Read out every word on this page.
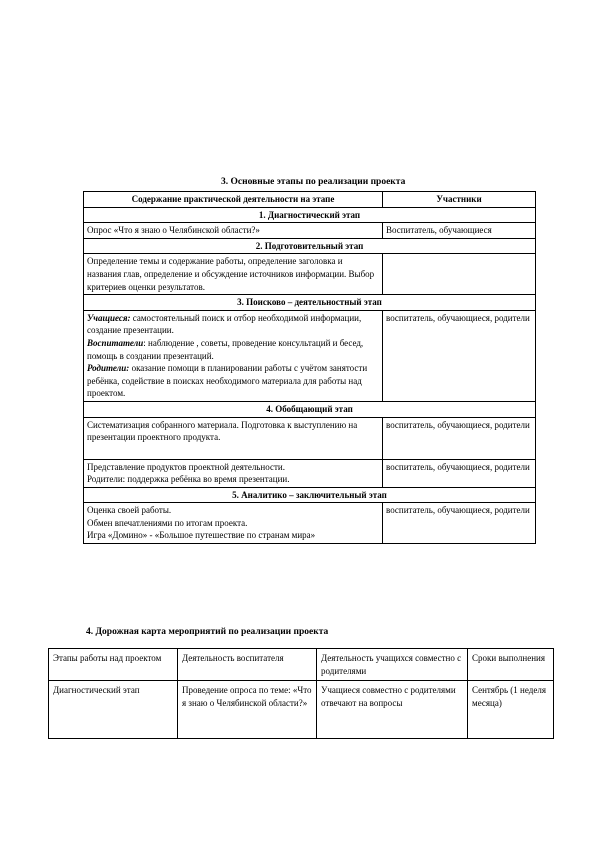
3. Основные этапы по реализации проекта
Содержание практической деятельности на этапе	Участники
1. Диагностический этап	
Опрос «Что я знаю о Челябинской области?»	Воспитатель, обучающиеся
2. Подготовительный этап	
Определение темы и содержание работы, определение заголовка и названия глав, определение и обсуждение источников информации. Выбор критериев оценки результатов.	
3. Поисково – деятельностный этап	
Учащиеся: самостоятельный поиск и отбор необходимой информации, создание презентации.
Воспитатели: наблюдение , советы, проведение консультаций и бесед, помощь в создании презентаций.
Родители: оказание помощи в планировании работы с учётом занятости ребёнка, содействие в поисках необходимого материала для работы над проектом.	воспитатель, обучающиеся, родители
4. Обобщающий этап	
Систематизация собранного материала. Подготовка к выступлению на презентации проектного продукта.	воспитатель, обучающиеся, родители

Представление продуктов проектной деятельности.
Родители: поддержка ребёнка во время презентации.	воспитатель, обучающиеся, родители
5. Аналитико – заключительный этап	

Оценка своей работы.
Обмен впечатлениями по итогам проекта.
Игра «Домино» - «Большое путешествие по странам мира»	воспитатель, обучающиеся, родители
4. Дорожная карта мероприятий по реализации проекта
Этапы работы над проектом	Деятельность воспитателя	Деятельность учащихся совместно с родителями	Сроки выполнения
Диагностический этап	Проведение опроса по теме: «Что я знаю о Челябинской области?»	Учащиеся совместно с родителями отвечают на вопросы	Сентябрь (1 неделя месяца)
